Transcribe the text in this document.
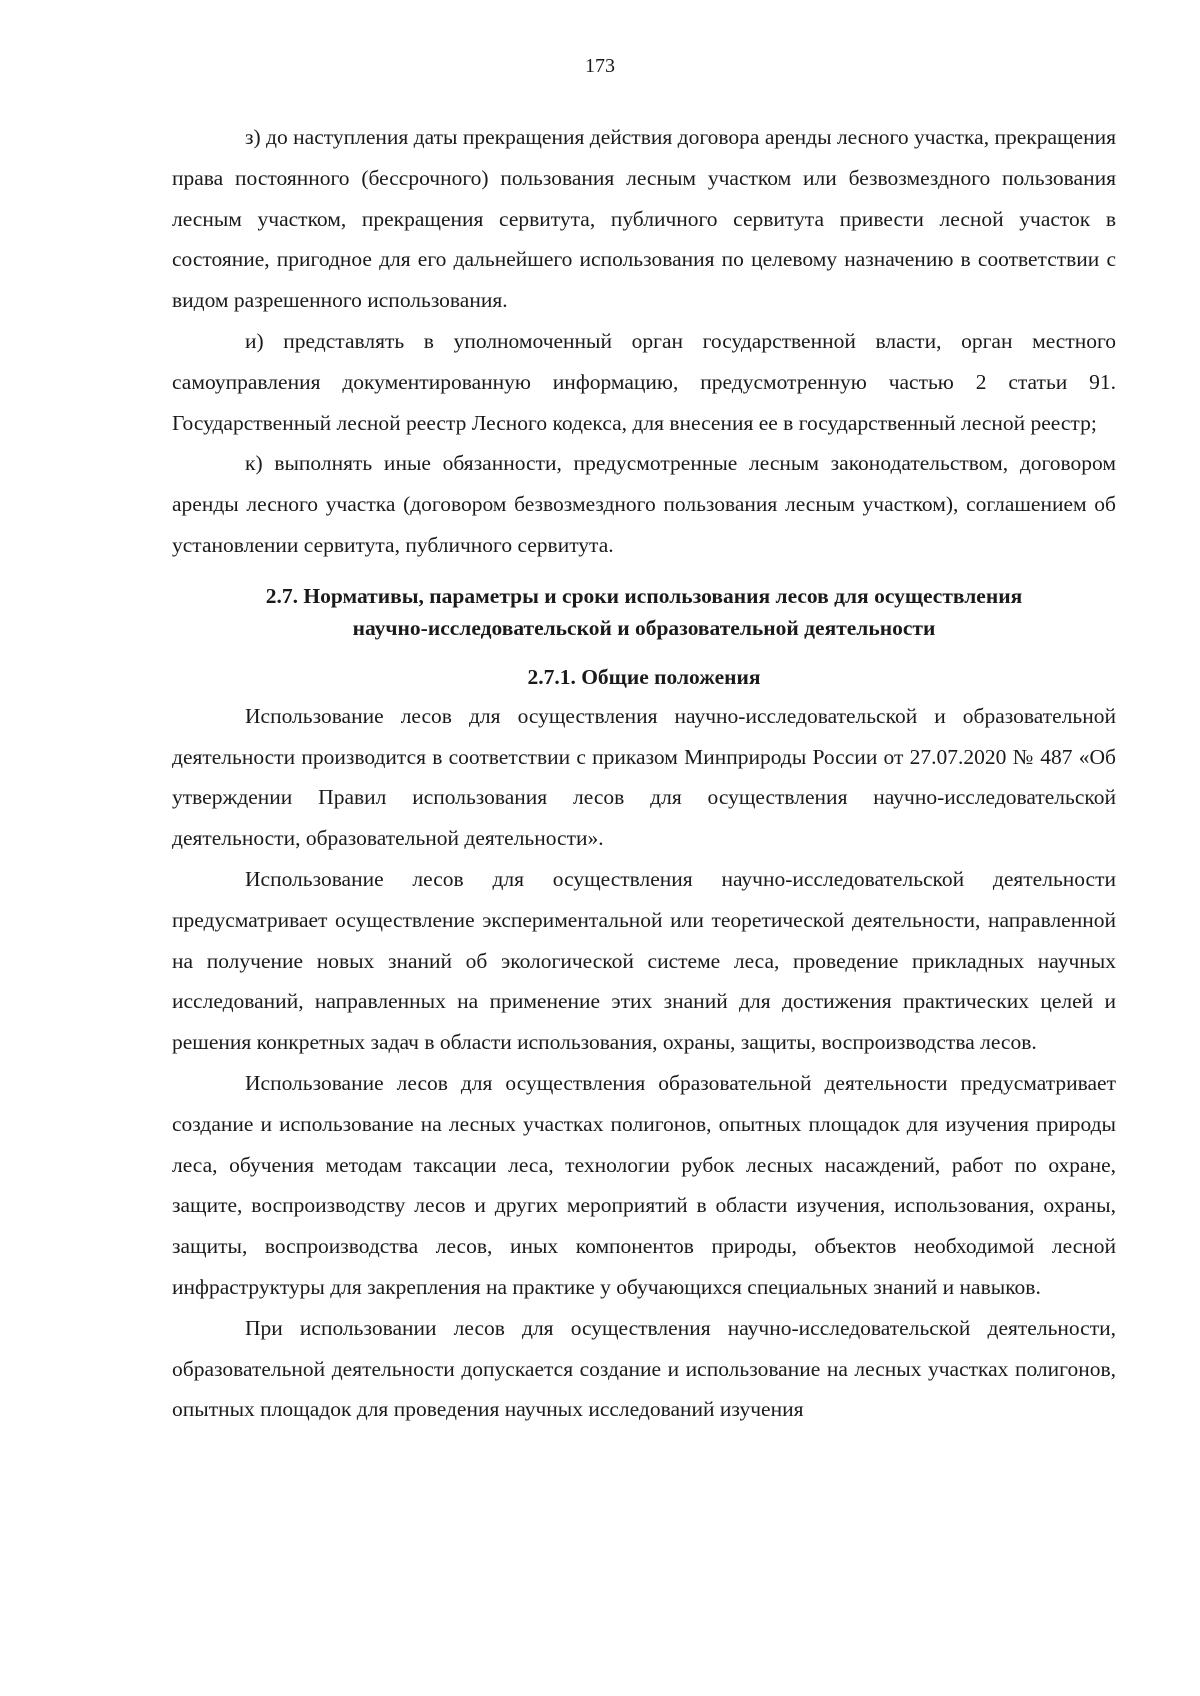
173

з) до наступления даты прекращения действия договора аренды лесного участка, прекращения права постоянного (бессрочного) пользования лесным участком или безвозмездного пользования лесным участком, прекращения сервитута, публичного сервитута привести лесной участок в состояние, пригодное для его дальнейшего использования по целевому назначению в соответствии с видом разрешенного использования.

и) представлять в уполномоченный орган государственной власти, орган местного самоуправления документированную информацию, предусмотренную частью 2 статьи 91. Государственный лесной реестр Лесного кодекса, для внесения ее в государственный лесной реестр;

к) выполнять иные обязанности, предусмотренные лесным законодательством, договором аренды лесного участка (договором безвозмездного пользования лесным участком), соглашением об установлении сервитута, публичного сервитута.

2.7. Нормативы, параметры и сроки использования лесов для осуществления
научно-исследовательской и образовательной деятельности
2.7.1. Общие положения

Использование лесов для осуществления научно-исследовательской и образовательной деятельности производится в соответствии с приказом Минприроды России от 27.07.2020 № 487 «Об утверждении Правил использования лесов для осуществления научно-исследовательской деятельности, образовательной деятельности».

Использование лесов для осуществления научно-исследовательской деятельности предусматривает осуществление экспериментальной или теоретической деятельности, направленной на получение новых знаний об экологической системе леса, проведение прикладных научных исследований, направленных на применение этих знаний для достижения практических целей и решения конкретных задач в области использования, охраны, защиты, воспроизводства лесов.

Использование лесов для осуществления образовательной деятельности предусматривает создание и использование на лесных участках полигонов, опытных площадок для изучения природы леса, обучения методам таксации леса, технологии рубок лесных насаждений, работ по охране, защите, воспроизводству лесов и других мероприятий в области изучения, использования, охраны, защиты, воспроизводства лесов, иных компонентов природы, объектов необходимой лесной инфраструктуры для закрепления на практике у обучающихся специальных знаний и навыков.

При использовании лесов для осуществления научно-исследовательской деятельности, образовательной деятельности допускается создание и использование на лесных участках полигонов, опытных площадок для проведения научных исследований изучения
